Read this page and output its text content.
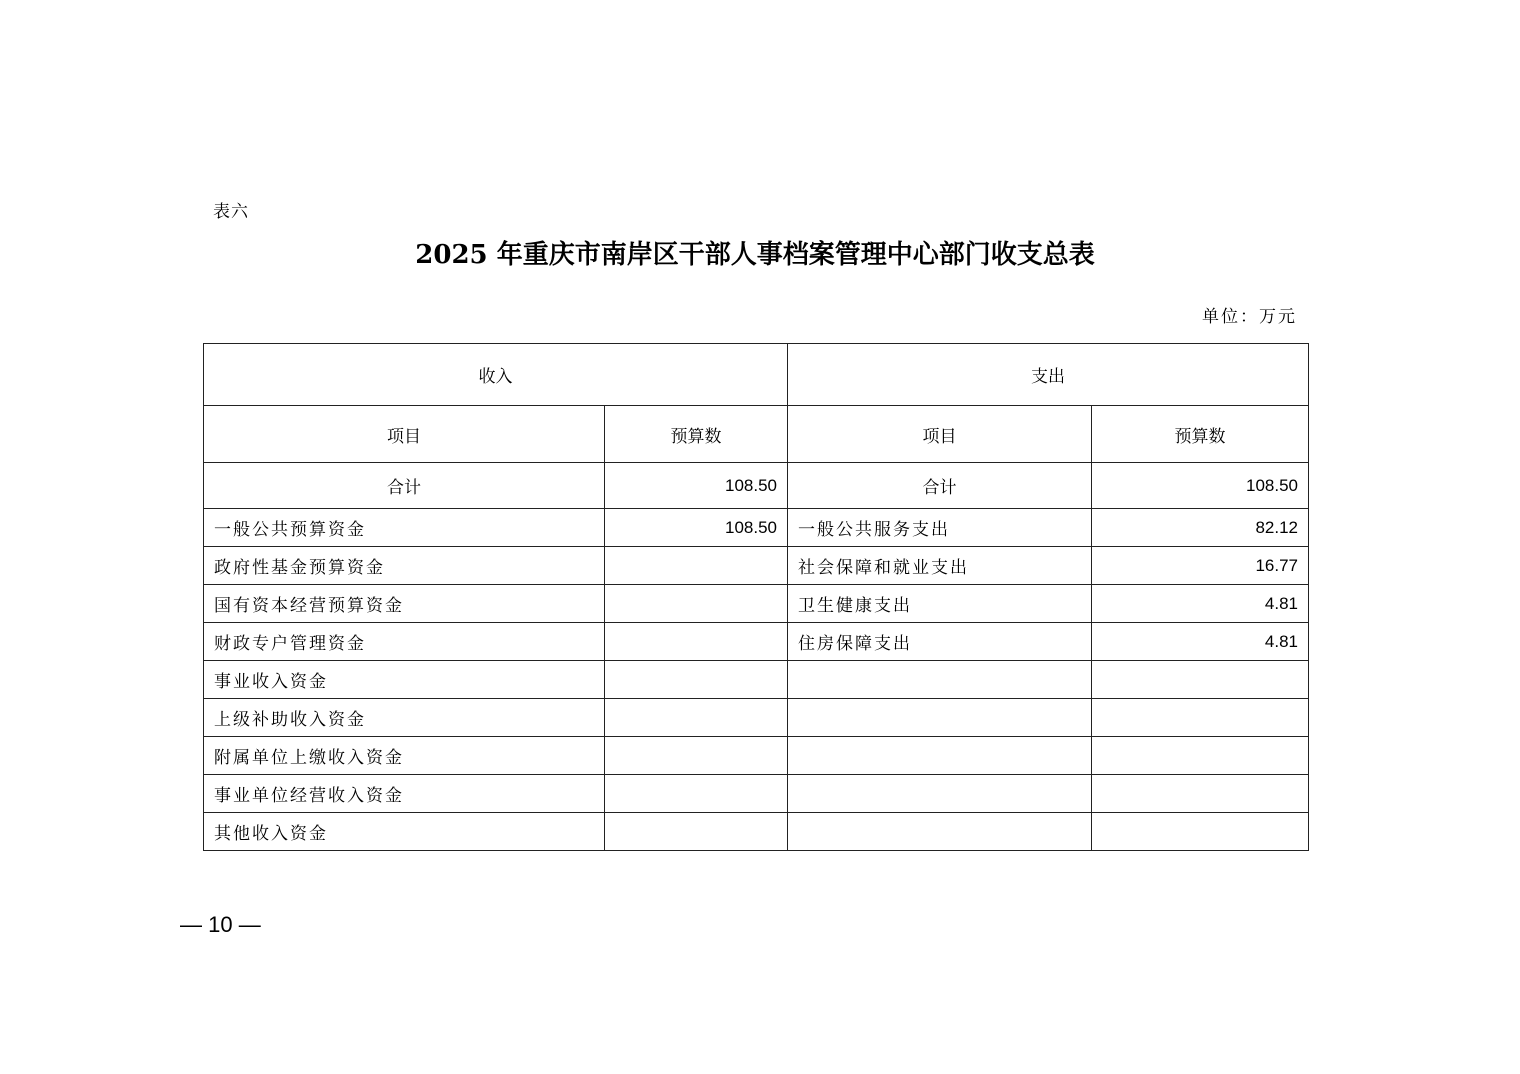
表六
2025 年重庆市南岸区干部人事档案管理中心部门收支总表
单位：万元
收入		支出	
项目	预算数	项目	预算数
合计	108.50	合计	108.50
一般公共预算资金	108.50	一般公共服务支出	82.12
政府性基金预算资金		社会保障和就业支出	16.77
国有资本经营预算资金		卫生健康支出	4.81
财政专户管理资金		住房保障支出	4.81
事业收入资金			
上级补助收入资金			
附属单位上缴收入资金			
事业单位经营收入资金			
其他收入资金			
— 10 —
